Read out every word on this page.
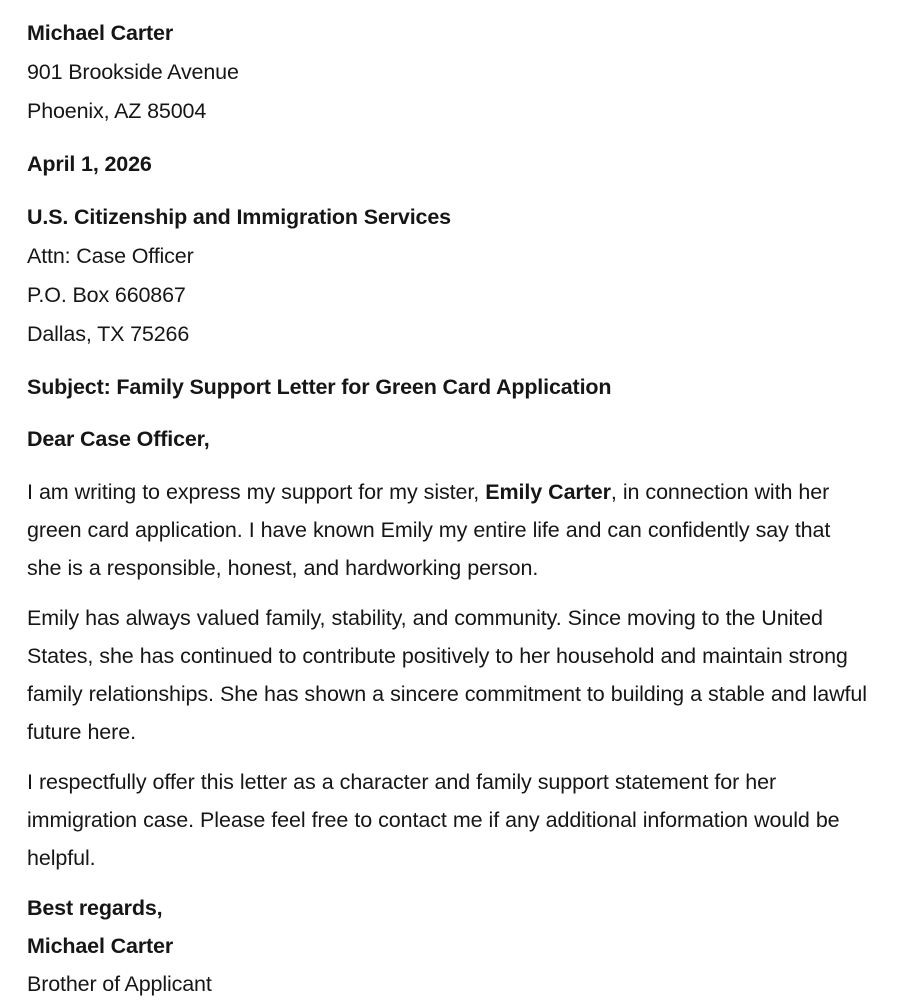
Michael Carter
901 Brookside Avenue
Phoenix, AZ 85004
April 1, 2026
U.S. Citizenship and Immigration Services
Attn: Case Officer
P.O. Box 660867
Dallas, TX 75266
Subject: Family Support Letter for Green Card Application
Dear Case Officer,

I am writing to express my support for my sister, Emily Carter, in connection with her green card application. I have known Emily my entire life and can confidently say that she is a responsible, honest, and hardworking person.

Emily has always valued family, stability, and community. Since moving to the United States, she has continued to contribute positively to her household and maintain strong family relationships. She has shown a sincere commitment to building a stable and lawful future here.

I respectfully offer this letter as a character and family support statement for her immigration case. Please feel free to contact me if any additional information would be helpful.

Best regards,
Michael Carter
Brother of Applicant
